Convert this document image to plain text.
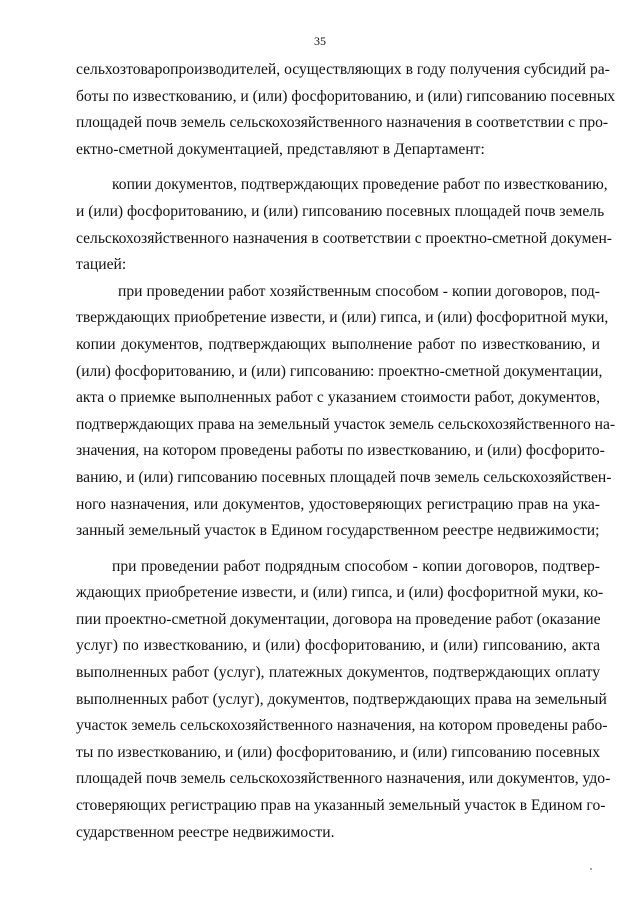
35
сельхозтоваропроизводителей, осуществляющих в году получения субсидий ра-
боты по известкованию, и (или) фосфоритованию, и (или) гипсованию посевных
площадей почв земель сельскохозяйственного назначения в соответствии с про-
ектно-сметной документацией, представляют в Департамент:
копии документов, подтверждающих проведение работ по известкованию,
и (или) фосфоритованию, и (или) гипсованию посевных площадей почв земель
сельскохозяйственного назначения в соответствии с проектно-сметной докумен-
тацией:
при проведении работ хозяйственным способом - копии договоров, под-
тверждающих приобретение извести, и (или) гипса, и (или) фосфоритной муки,
копии документов, подтверждающих выполнение работ по известкованию, и
(или) фосфоритованию, и (или) гипсованию: проектно-сметной документации,
акта о приемке выполненных работ с указанием стоимости работ, документов,
подтверждающих права на земельный участок земель сельскохозяйственного на-
значения, на котором проведены работы по известкованию, и (или) фосфорито-
ванию, и (или) гипсованию посевных площадей почв земель сельскохозяйствен-
ного назначения, или документов, удостоверяющих регистрацию прав на ука-
занный земельный участок в Едином государственном реестре недвижимости;
при проведении работ подрядным способом - копии договоров, подтвер-
ждающих приобретение извести, и (или) гипса, и (или) фосфоритной муки, ко-
пии проектно-сметной документации, договора на проведение работ (оказание
услуг) по известкованию, и (или) фосфоритованию, и (или) гипсованию, акта
выполненных работ (услуг), платежных документов, подтверждающих оплату
выполненных работ (услуг), документов, подтверждающих права на земельный
участок земель сельскохозяйственного назначения, на котором проведены рабо-
ты по известкованию, и (или) фосфоритованию, и (или) гипсованию посевных
площадей почв земель сельскохозяйственного назначения, или документов, удо-
стоверяющих регистрацию прав на указанный земельный участок в Едином го-
сударственном реестре недвижимости.
